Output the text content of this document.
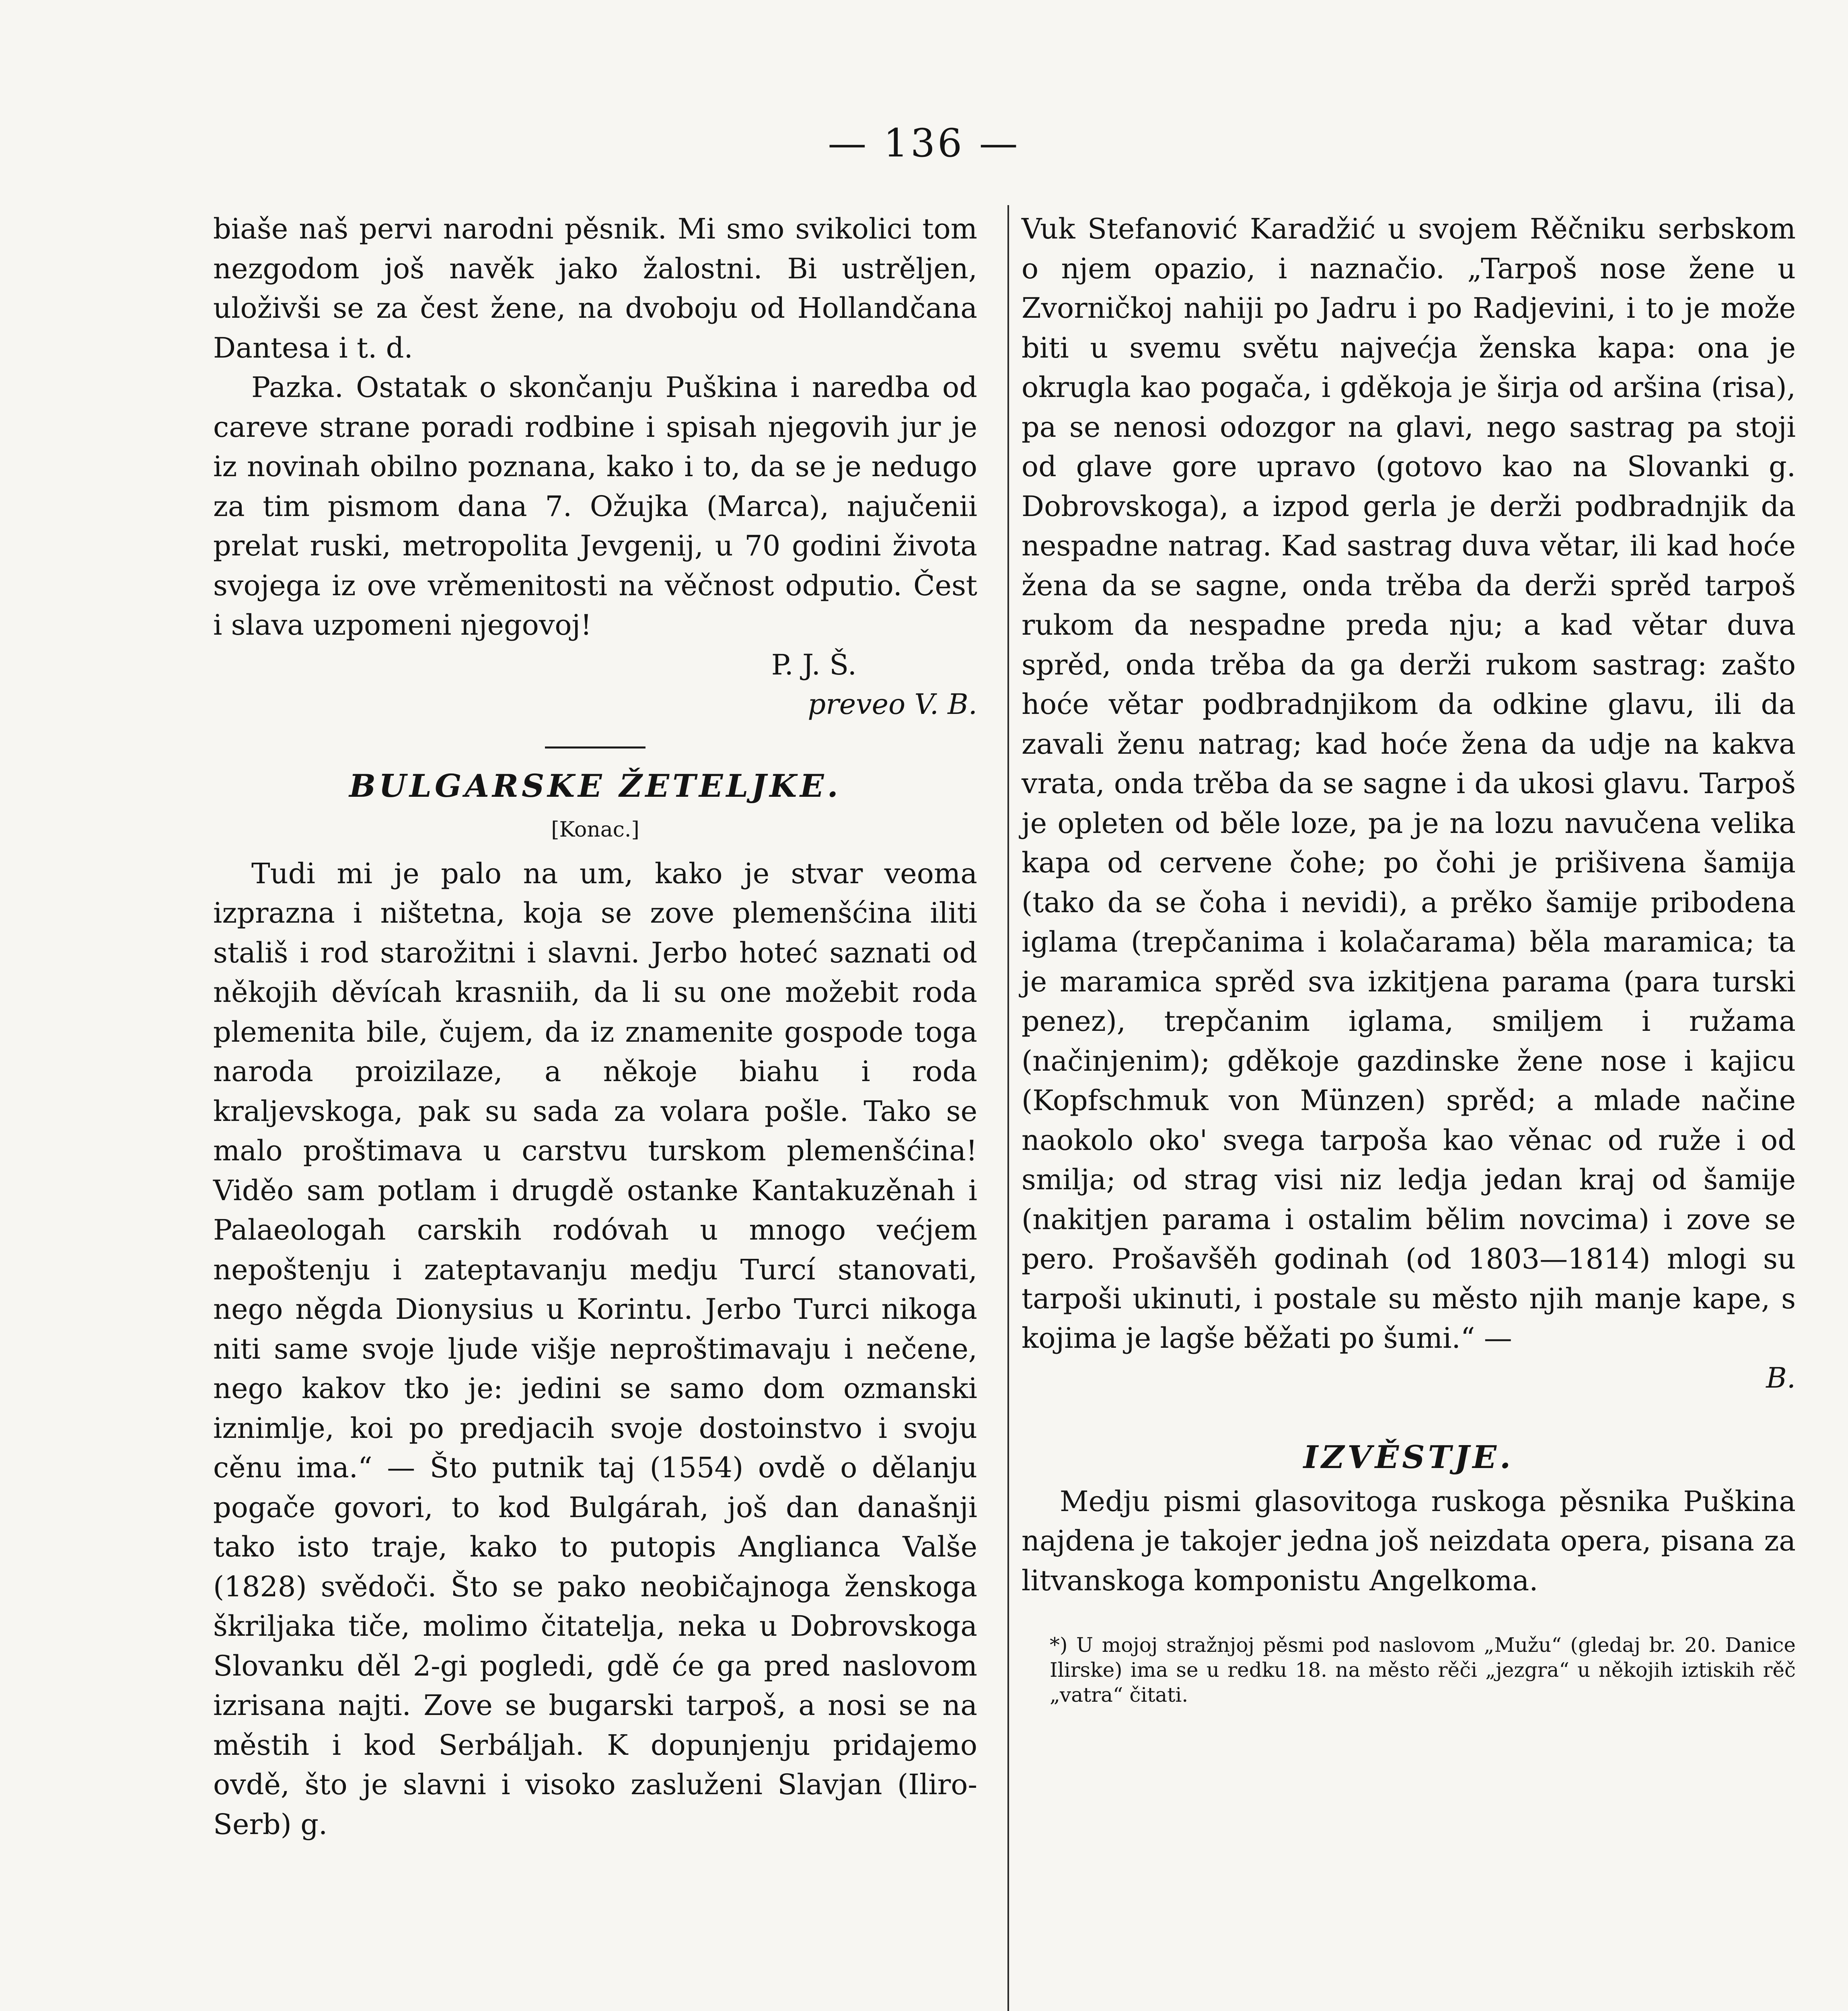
— 136 —

biaše naš pervi narodni pěsnik. Mi smo svikolici tom nezgodom još navěk jako žalostni. Bi ustrěljen, uloživši se za čest žene, na dvoboju od Hollandčana Dantesa i t. d.

Pazka. Ostatak o skončanju Puškina i naredba od careve strane poradi rodbine i spisah njegovih jur je iz novinah obilno poznana, kako i to, da se je nedugo za tim pismom dana 7. Ožujka (Marca), najučenii prelat ruski, metropolita Jevgenij, u 70 godini života svojega iz ove vrěmenitosti na věčnost odputio. Čest i slava uzpomeni njegovoj!

P. J. Š.

preveo V. B.

BULGARSKE ŽETELJKE.

[Konac.]

Tudi mi je palo na um, kako je stvar veoma izprazna i ništetna, koja se zove plemenšćina iliti stališ i rod starožitni i slavni. Jerbo hoteć saznati od někojih děvícah krasniih, da li su one možebit roda plemenita bile, čujem, da iz znamenite gospode toga naroda proizilaze, a někoje biahu i roda kraljevskoga, pak su sada za volara pošle. Tako se malo proštimava u carstvu turskom plemenšćina! Viděo sam potlam i drugdě ostanke Kantakuzěnah i Palaeologah carskih rodóvah u mnogo većjem nepoštenju i zateptavanju medju Turcí stanovati, nego něgda Dionysius u Korintu. Jerbo Turci nikoga niti same svoje ljude višje neproštimavaju i nečene, nego kakov tko je: jedini se samo dom ozmanski iznimlje, koi po predjacih svoje dostoinstvo i svoju cěnu ima.“ — Što putnik taj (1554) ovdě o dělanju pogače govori, to kod Bulgárah, još dan današnji tako isto traje, kako to putopis Anglianca Valše (1828) svědoči. Što se pako neobičajnoga ženskoga škriljaka tiče, molimo čitatelja, neka u Dobrovskoga Slovanku děl 2-gi pogledi, gdě će ga pred naslovom izrisana najti. Zove se bugarski tarpoš, a nosi se na městih i kod Serbáljah. K dopunjenju pridajemo ovdě, što je slavni i visoko zasluženi Slavjan (Iliro-Serb) g.

Vuk Stefanović Karadžić u svojem Rěčniku serbskom o njem opazio, i naznačio. „Tarpoš nose žene u Zvorničkoj nahiji po Jadru i po Radjevini, i to je može biti u svemu světu najvećja ženska kapa: ona je okrugla kao pogača, i gděkoja je širja od aršina (risa), pa se nenosi odozgor na glavi, nego sastrag pa stoji od glave gore upravo (gotovo kao na Slovanki g. Dobrovskoga), a izpod gerla je derži podbradnjik da nespadne natrag. Kad sastrag duva větar, ili kad hoće žena da se sagne, onda trěba da derži sprěd tarpoš rukom da nespadne preda nju; a kad větar duva sprěd, onda trěba da ga derži rukom sastrag: zašto hoće větar podbradnjikom da odkine glavu, ili da zavali ženu natrag; kad hoće žena da udje na kakva vrata, onda trěba da se sagne i da ukosi glavu. Tarpoš je opleten od běle loze, pa je na lozu navučena velika kapa od cervene čohe; po čohi je prišivena šamija (tako da se čoha i nevidi), a prěko šamije pribodena iglama (trepčanima i kolačarama) běla maramica; ta je maramica sprěd sva izkitjena parama (para turski penez), trepčanim iglama, smiljem i ružama (načinjenim); gděkoje gazdinske žene nose i kajicu (Kopfschmuk von Münzen) sprěd; a mlade načine naokolo oko' svega tarpoša kao věnac od ruže i od smilja; od strag visi niz ledja jedan kraj od šamije (nakitjen parama i ostalim bělim novcima) i zove se pero. Prošavšěh godinah (od 1803—1814) mlogi su tarpoši ukinuti, i postale su město njih manje kape, s kojima je lagše běžati po šumi.“ —

B.

IZVĚSTJE.

Medju pismi glasovitoga ruskoga pěsnika Puškina najdena je takojer jedna još neizdata opera, pisana za litvanskoga komponistu Angelkoma.

*) U mojoj stražnjoj pěsmi pod naslovom „Mužu“ (gledaj br. 20. Danice Ilirske) ima se u redku 18. na město rěči „jezgra“ u někojih iztiskih rěč „vatra“ čitati.
